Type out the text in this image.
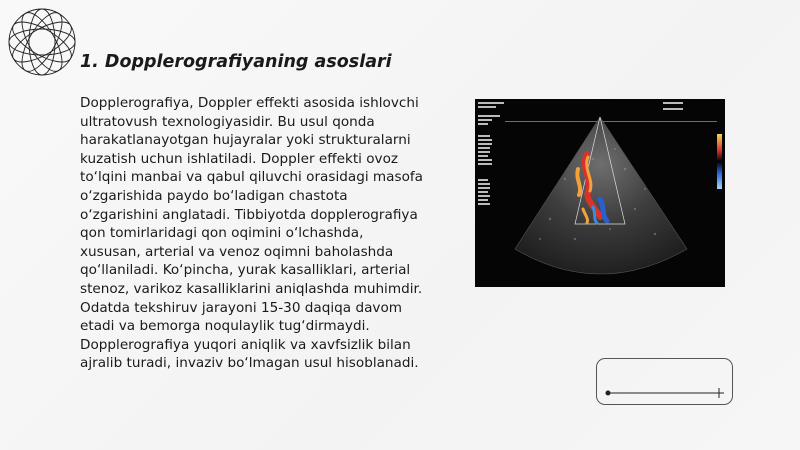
1. Dopplerografiyaning asoslari
Dopplerografiya, Doppler effekti asosida ishlovchi ultratovush texnologiyasidir. Bu usul qonda harakatlanayotgan hujayralar yoki strukturalarni kuzatish uchun ishlatiladi. Doppler effekti ovoz to‘lqini manbai va qabul qiluvchi orasidagi masofa o‘zgarishida paydo bo‘ladigan chastota o‘zgarishini anglatadi. Tibbiyotda dopplerografiya qon tomirlaridagi qon oqimini o‘lchashda, xususan, arterial va venoz oqimni baholashda qo‘llaniladi. Ko‘pincha, yurak kasalliklari, arterial stenoz, varikoz kasalliklarini aniqlashda muhimdir. Odatda tekshiruv jarayoni 15-30 daqiqa davom etadi va bemorga noqulaylik tug‘dirmaydi. Dopplerografiya yuqori aniqlik va xavfsizlik bilan ajralib turadi, invaziv bo‘lmagan usul hisoblanadi.
